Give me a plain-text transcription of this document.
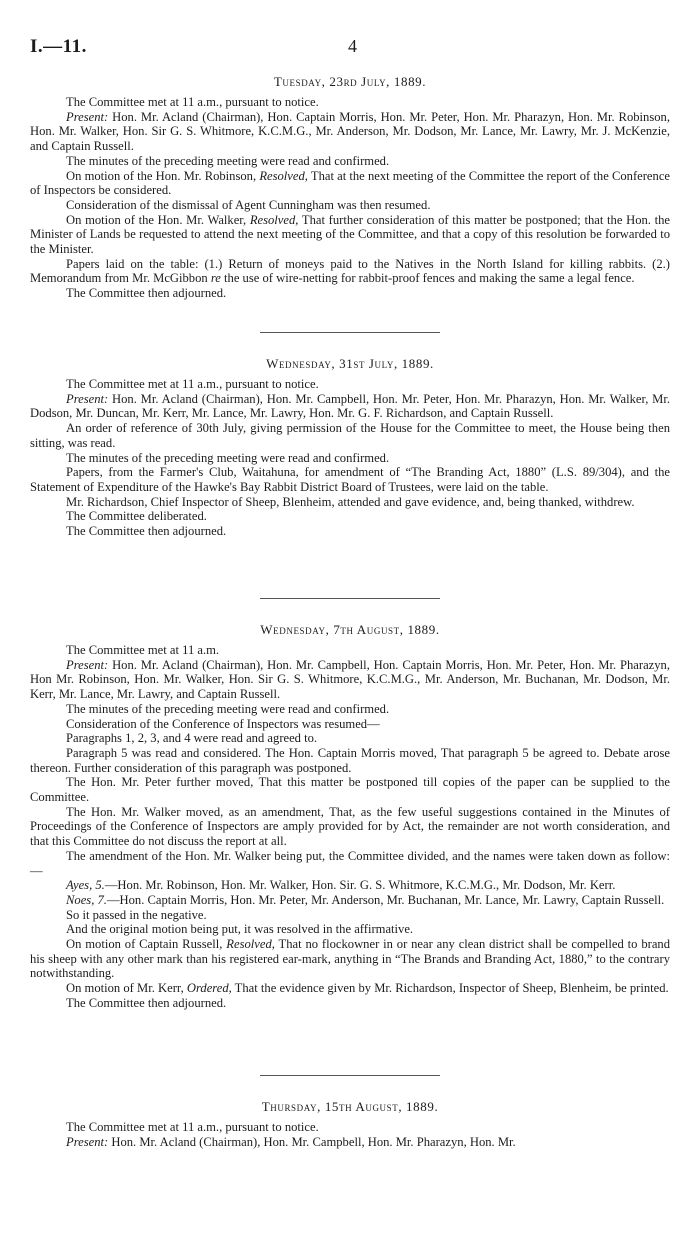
I.—11.	4
Tuesday, 23rd July, 1889.

The Committee met at 11 a.m., pursuant to notice.

Present: Hon. Mr. Acland (Chairman), Hon. Captain Morris, Hon. Mr. Peter, Hon. Mr. Pharazyn, Hon. Mr. Robinson, Hon. Mr. Walker, Hon. Sir G. S. Whitmore, K.C.M.G., Mr. Anderson, Mr. Dodson, Mr. Lance, Mr. Lawry, Mr. J. McKenzie, and Captain Russell.

The minutes of the preceding meeting were read and confirmed.

On motion of the Hon. Mr. Robinson, Resolved, That at the next meeting of the Committee the report of the Conference of Inspectors be considered.

Consideration of the dismissal of Agent Cunningham was then resumed.

On motion of the Hon. Mr. Walker, Resolved, That further consideration of this matter be postponed; that the Hon. the Minister of Lands be requested to attend the next meeting of the Committee, and that a copy of this resolution be forwarded to the Minister.

Papers laid on the table: (1.) Return of moneys paid to the Natives in the North Island for killing rabbits. (2.) Memorandum from Mr. McGibbon re the use of wire-netting for rabbit-proof fences and making the same a legal fence.

The Committee then adjourned.

Wednesday, 31st July, 1889.

The Committee met at 11 a.m., pursuant to notice.

Present: Hon. Mr. Acland (Chairman), Hon. Mr. Campbell, Hon. Mr. Peter, Hon. Mr. Pharazyn, Hon. Mr. Walker, Mr. Dodson, Mr. Duncan, Mr. Kerr, Mr. Lance, Mr. Lawry, Hon. Mr. G. F. Richardson, and Captain Russell.

An order of reference of 30th July, giving permission of the House for the Committee to meet, the House being then sitting, was read.

The minutes of the preceding meeting were read and confirmed.

Papers, from the Farmer's Club, Waitahuna, for amendment of “The Branding Act, 1880” (L.S. 89/304), and the Statement of Expenditure of the Hawke's Bay Rabbit District Board of Trustees, were laid on the table.

Mr. Richardson, Chief Inspector of Sheep, Blenheim, attended and gave evidence, and, being thanked, withdrew.

The Committee deliberated.

The Committee then adjourned.

Wednesday, 7th August, 1889.

The Committee met at 11 a.m.

Present: Hon. Mr. Acland (Chairman), Hon. Mr. Campbell, Hon. Captain Morris, Hon. Mr. Peter, Hon. Mr. Pharazyn, Hon Mr. Robinson, Hon. Mr. Walker, Hon. Sir G. S. Whitmore, K.C.M.G., Mr. Anderson, Mr. Buchanan, Mr. Dodson, Mr. Kerr, Mr. Lance, Mr. Lawry, and Captain Russell.

The minutes of the preceding meeting were read and confirmed.

Consideration of the Conference of Inspectors was resumed—

Paragraphs 1, 2, 3, and 4 were read and agreed to.

Paragraph 5 was read and considered. The Hon. Captain Morris moved, That paragraph 5 be agreed to. Debate arose thereon. Further consideration of this paragraph was postponed.

The Hon. Mr. Peter further moved, That this matter be postponed till copies of the paper can be supplied to the Committee.

The Hon. Mr. Walker moved, as an amendment, That, as the few useful suggestions contained in the Minutes of Proceedings of the Conference of Inspectors are amply provided for by Act, the remainder are not worth consideration, and that this Committee do not discuss the report at all.

The amendment of the Hon. Mr. Walker being put, the Committee divided, and the names were taken down as follow:—

Ayes, 5.—Hon. Mr. Robinson, Hon. Mr. Walker, Hon. Sir. G. S. Whitmore, K.C.M.G., Mr. Dodson, Mr. Kerr.

Noes, 7.—Hon. Captain Morris, Hon. Mr. Peter, Mr. Anderson, Mr. Buchanan, Mr. Lance, Mr. Lawry, Captain Russell.

So it passed in the negative.

And the original motion being put, it was resolved in the affirmative.

On motion of Captain Russell, Resolved, That no flockowner in or near any clean district shall be compelled to brand his sheep with any other mark than his registered ear-mark, anything in “The Brands and Branding Act, 1880,” to the contrary notwithstanding.

On motion of Mr. Kerr, Ordered, That the evidence given by Mr. Richardson, Inspector of Sheep, Blenheim, be printed.

The Committee then adjourned.

Thursday, 15th August, 1889.

The Committee met at 11 a.m., pursuant to notice.

Present: Hon. Mr. Acland (Chairman), Hon. Mr. Campbell, Hon. Mr. Pharazyn, Hon. Mr.
